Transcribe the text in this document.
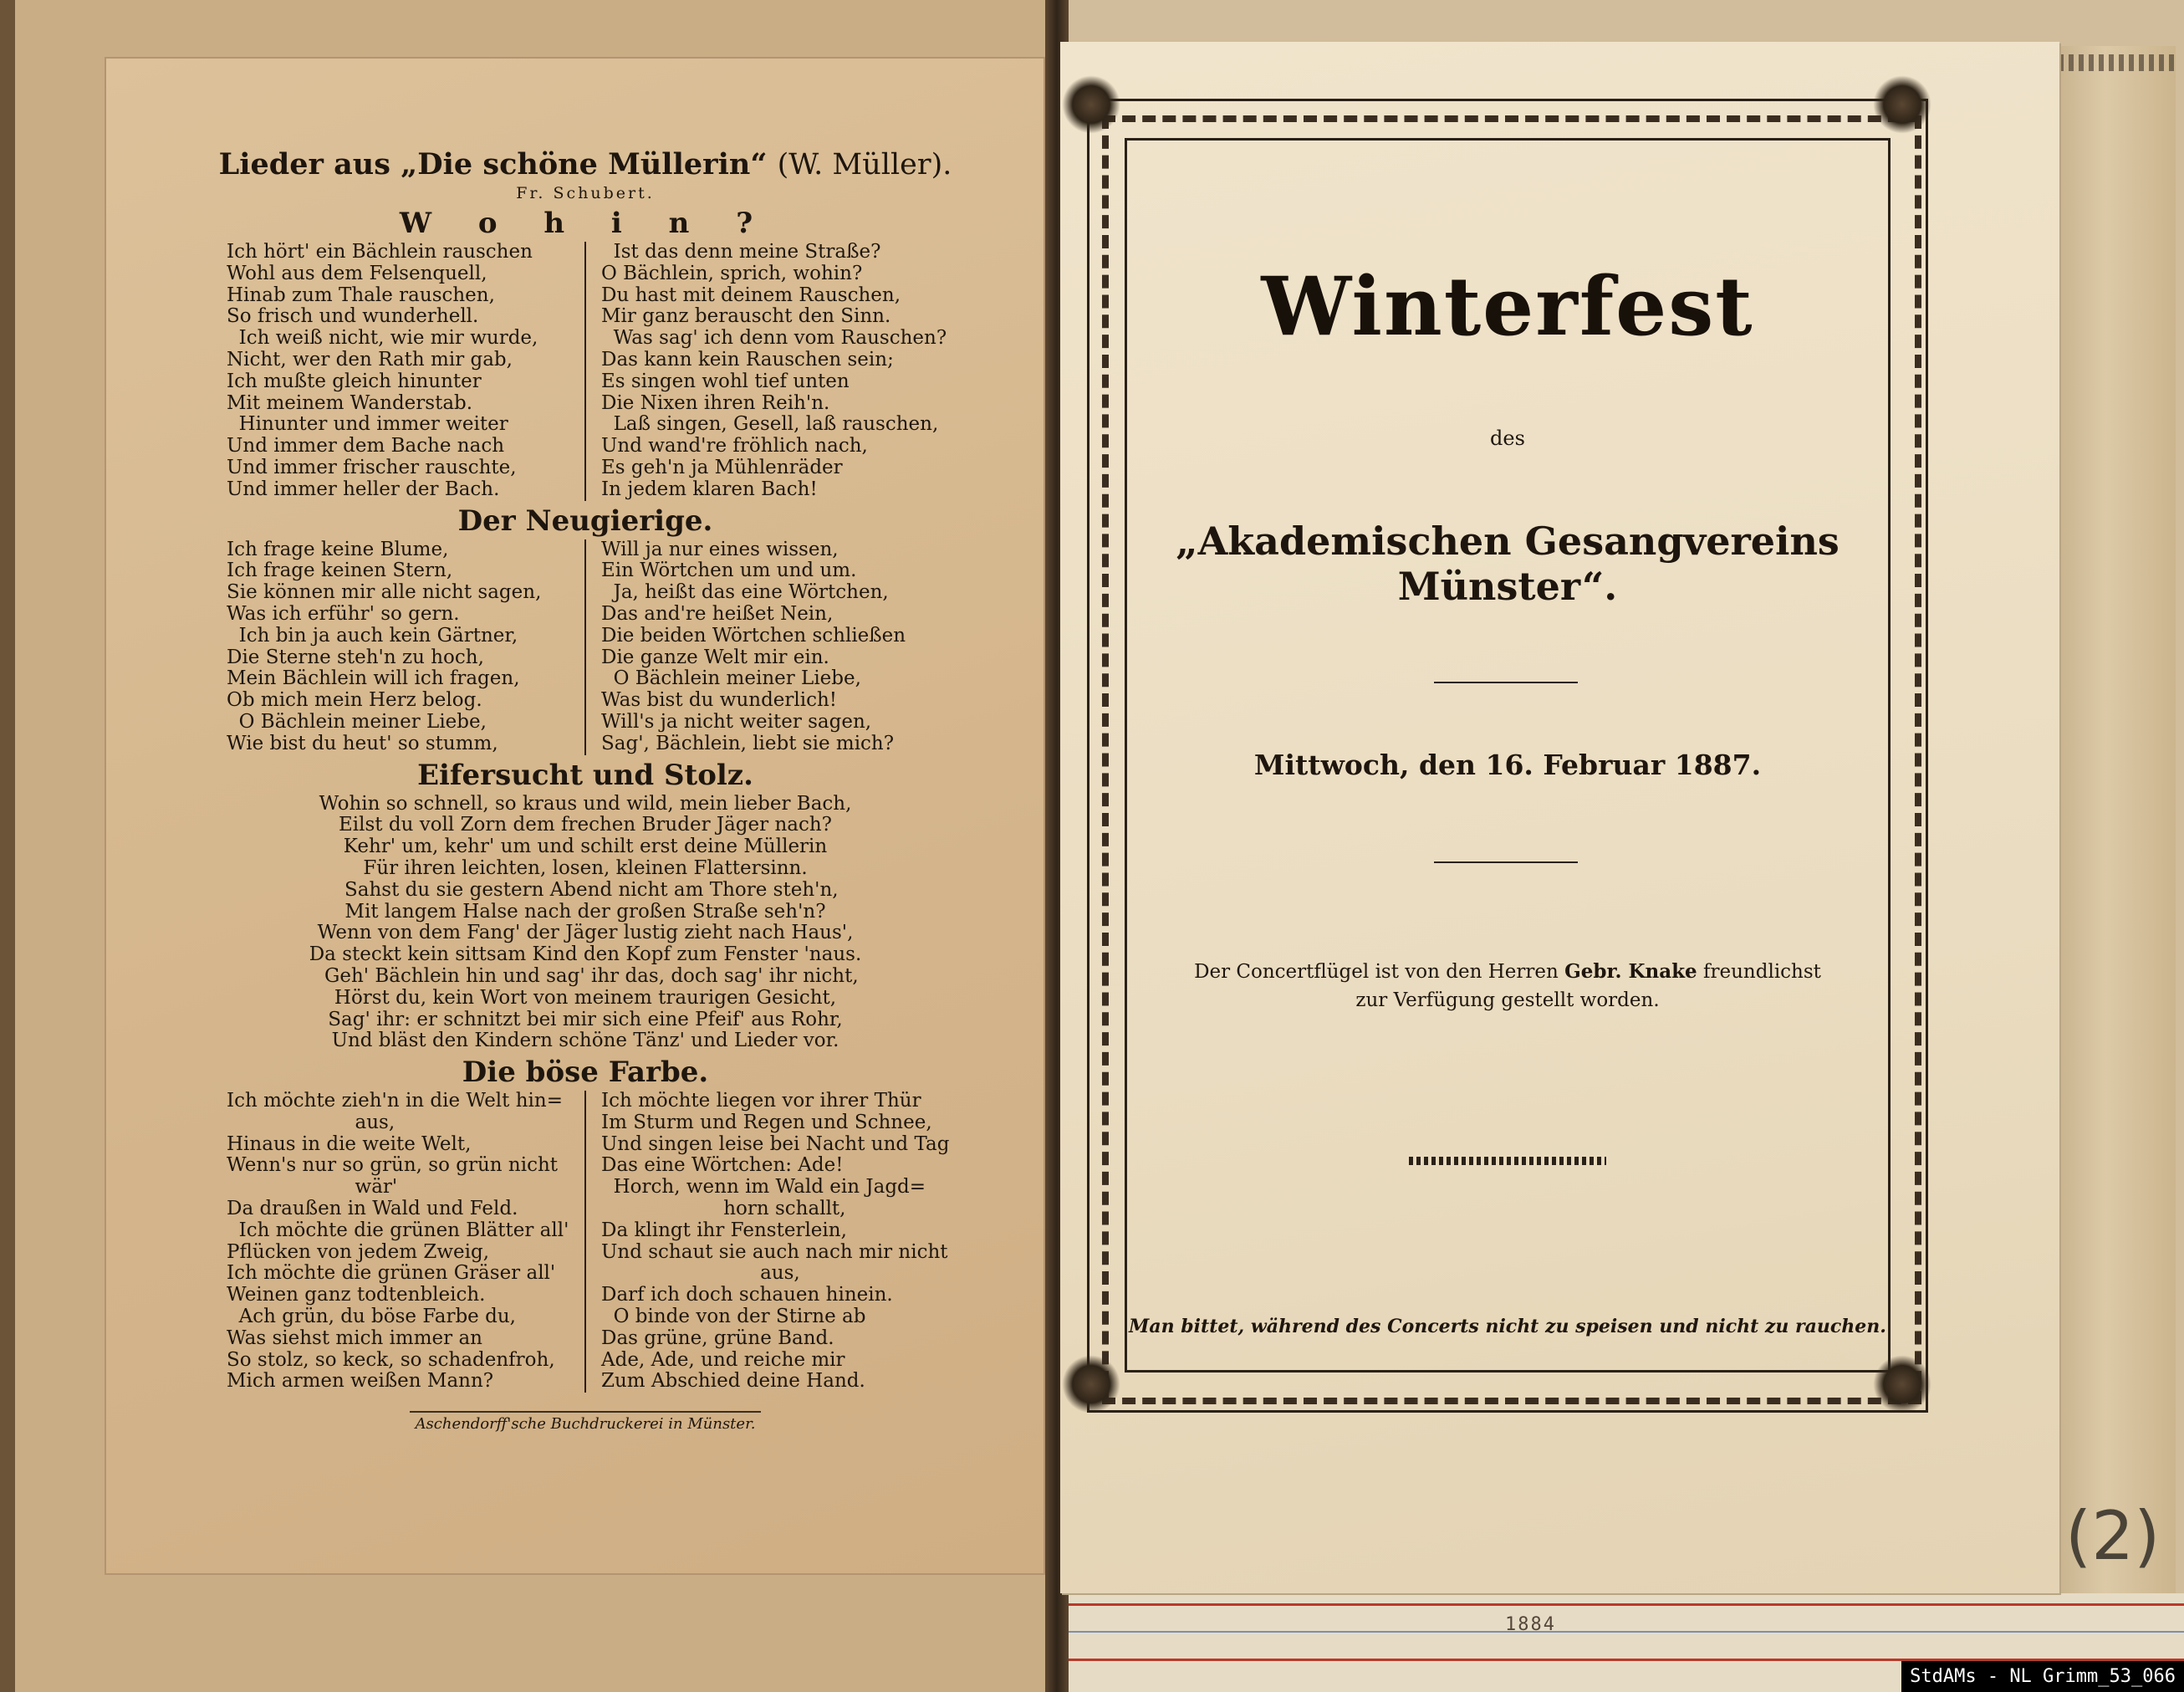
Lieder aus „Die schöne Müllerin“ (W. Müller).
Fr. Schubert.
W o h i n ?
Ich hört' ein Bächlein rauschen
Wohl aus dem Felsenquell,
Hinab zum Thale rauschen,
So frisch und wunderhell.
Ich weiß nicht, wie mir wurde,
Nicht, wer den Rath mir gab,
Ich mußte gleich hinunter
Mit meinem Wanderstab.
Hinunter und immer weiter
Und immer dem Bache nach
Und immer frischer rauschte,
Und immer heller der Bach.
Ist das denn meine Straße?
O Bächlein, sprich, wohin?
Du hast mit deinem Rauschen,
Mir ganz berauscht den Sinn.
Was sag' ich denn vom Rauschen?
Das kann kein Rauschen sein;
Es singen wohl tief unten
Die Nixen ihren Reih'n.
Laß singen, Gesell, laß rauschen,
Und wand're fröhlich nach,
Es geh'n ja Mühlenräder
In jedem klaren Bach!
Der Neugierige.
Ich frage keine Blume,
Ich frage keinen Stern,
Sie können mir alle nicht sagen,
Was ich erführ' so gern.
Ich bin ja auch kein Gärtner,
Die Sterne steh'n zu hoch,
Mein Bächlein will ich fragen,
Ob mich mein Herz belog.
O Bächlein meiner Liebe,
Wie bist du heut' so stumm,
Will ja nur eines wissen,
Ein Wörtchen um und um.
Ja, heißt das eine Wörtchen,
Das and're heißet Nein,
Die beiden Wörtchen schließen
Die ganze Welt mir ein.
O Bächlein meiner Liebe,
Was bist du wunderlich!
Will's ja nicht weiter sagen,
Sag', Bächlein, liebt sie mich?
Eifersucht und Stolz.
Wohin so schnell, so kraus und wild, mein lieber Bach,
Eilst du voll Zorn dem frechen Bruder Jäger nach?
Kehr' um, kehr' um und schilt erst deine Müllerin
Für ihren leichten, losen, kleinen Flattersinn.
Sahst du sie gestern Abend nicht am Thore steh'n,
Mit langem Halse nach der großen Straße seh'n?
Wenn von dem Fang' der Jäger lustig zieht nach Haus',
Da steckt kein sittsam Kind den Kopf zum Fenster 'naus.
Geh' Bächlein hin und sag' ihr das, doch sag' ihr nicht,
Hörst du, kein Wort von meinem traurigen Gesicht,
Sag' ihr: er schnitzt bei mir sich eine Pfeif' aus Rohr,
Und bläst den Kindern schöne Tänz' und Lieder vor.
Die böse Farbe.
Ich möchte zieh'n in die Welt hin=
aus,
Hinaus in die weite Welt,
Wenn's nur so grün, so grün nicht
wär'
Da draußen in Wald und Feld.
Ich möchte die grünen Blätter all'
Pflücken von jedem Zweig,
Ich möchte die grünen Gräser all'
Weinen ganz todtenbleich.
Ach grün, du böse Farbe du,
Was siehst mich immer an
So stolz, so keck, so schadenfroh,
Mich armen weißen Mann?
Ich möchte liegen vor ihrer Thür
Im Sturm und Regen und Schnee,
Und singen leise bei Nacht und Tag
Das eine Wörtchen: Ade!
Horch, wenn im Wald ein Jagd=
horn schallt,
Da klingt ihr Fensterlein,
Und schaut sie auch nach mir nicht
aus,
Darf ich doch schauen hinein.
O binde von der Stirne ab
Das grüne, grüne Band.
Ade, Ade, und reiche mir
Zum Abschied deine Hand.
Aschendorff'sche Buchdruckerei in Münster.
1884
(2)
Winterfest
des
„Akademischen Gesangvereins Münster“.
Mittwoch, den 16. Februar 1887.
Der Concertflügel ist von den Herren Gebr. Knake freundlichst
zur Verfügung gestellt worden.
Man bittet, während des Concerts nicht zu speisen und nicht zu rauchen.
StdAMs - NL Grimm_53_066
